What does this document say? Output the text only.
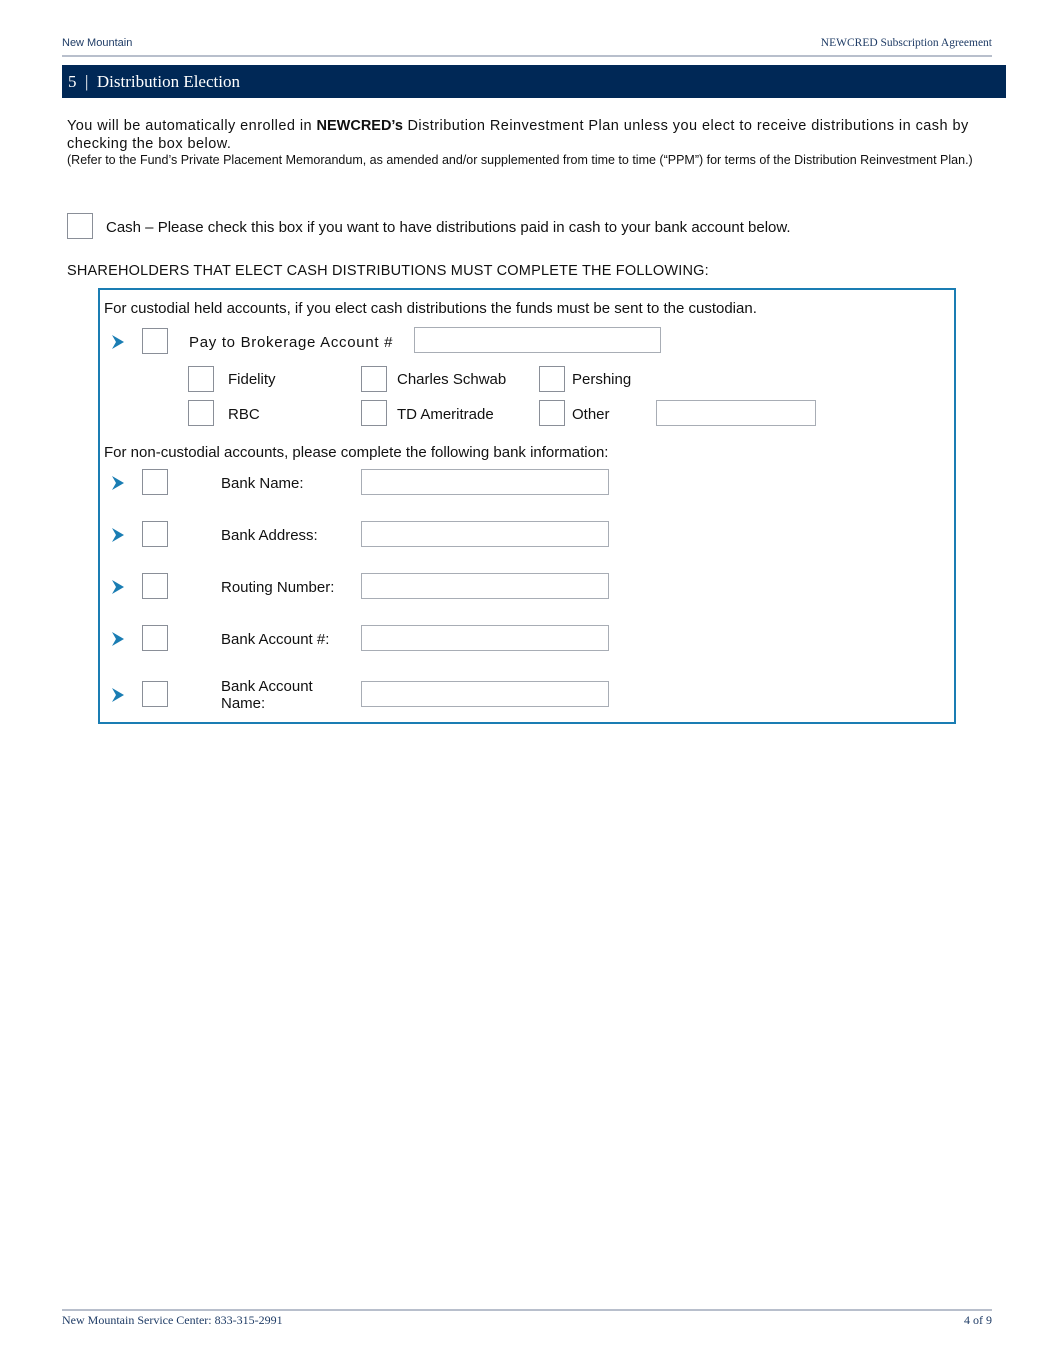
New Mountain	NEWCRED Subscription Agreement
5 | Distribution Election
You will be automatically enrolled in NEWCRED’s Distribution Reinvestment Plan unless you elect to receive distributions in cash by checking the box below.
(Refer to the Fund’s Private Placement Memorandum, as amended and/or supplemented from time to time (“PPM”) for terms of the Distribution Reinvestment Plan.)
Cash – Please check this box if you want to have distributions paid in cash to your bank account below.
SHAREHOLDERS THAT ELECT CASH DISTRIBUTIONS MUST COMPLETE THE FOLLOWING:
For custodial held accounts, if you elect cash distributions the funds must be sent to the custodian.
Pay to Brokerage Account #
Fidelity	Charles Schwab	Pershing
RBC	TD Ameritrade	Other
For non-custodial accounts, please complete the following bank information:
Bank Name:
Bank Address:
Routing Number:
Bank Account #:
Bank Account Name:
New Mountain Service Center: 833-315-2991	4 of 9
